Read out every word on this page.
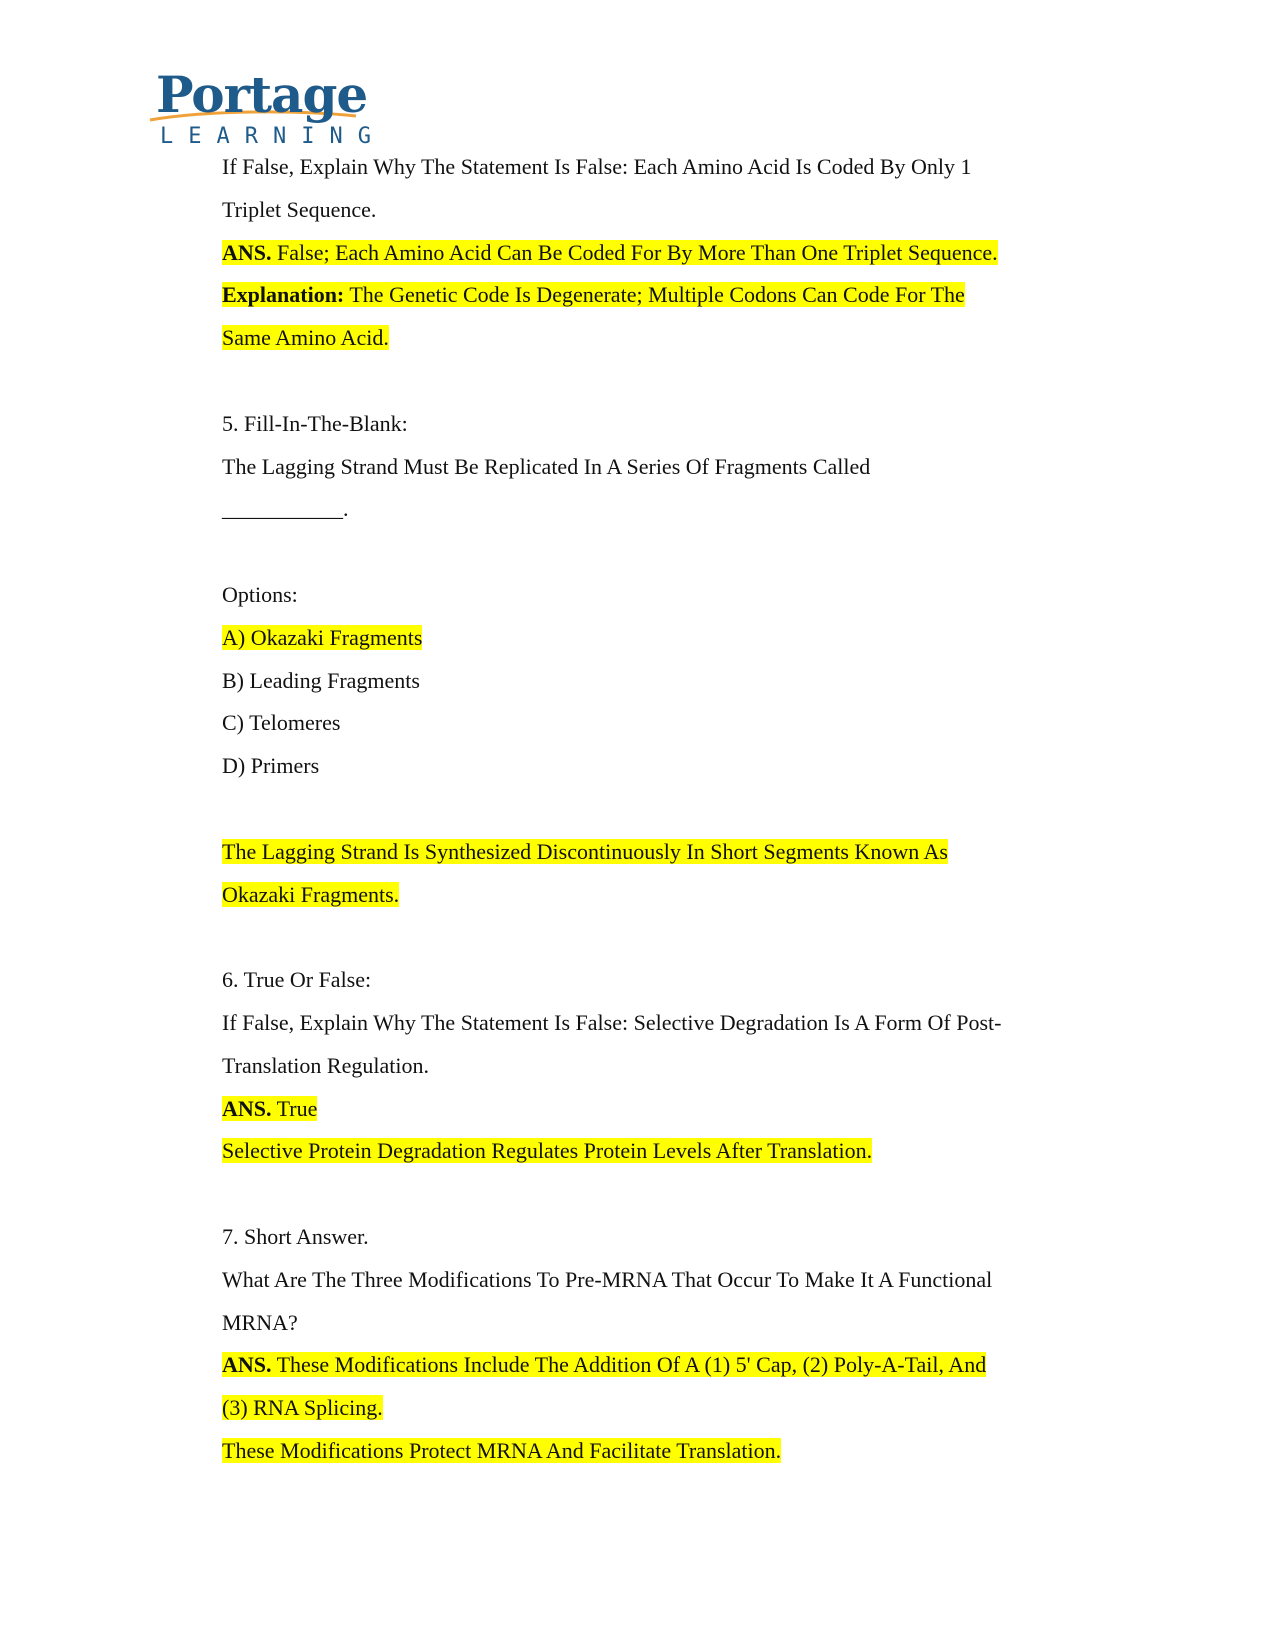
Portage
LEARNING
If False, Explain Why The Statement Is False: Each Amino Acid Is Coded By Only 1
Triplet Sequence.
ANS. False; Each Amino Acid Can Be Coded For By More Than One Triplet Sequence.
Explanation: The Genetic Code Is Degenerate; Multiple Codons Can Code For The
Same Amino Acid.
5. Fill-In-The-Blank:
The Lagging Strand Must Be Replicated In A Series Of Fragments Called
___________.
Options:
A) Okazaki Fragments
B) Leading Fragments
C) Telomeres
D) Primers
The Lagging Strand Is Synthesized Discontinuously In Short Segments Known As
Okazaki Fragments.
6. True Or False:
If False, Explain Why The Statement Is False: Selective Degradation Is A Form Of Post-
Translation Regulation.
ANS. True
Selective Protein Degradation Regulates Protein Levels After Translation.
7. Short Answer.
What Are The Three Modifications To Pre-MRNA That Occur To Make It A Functional
MRNA?
ANS. These Modifications Include The Addition Of A (1) 5' Cap, (2) Poly-A-Tail, And
(3) RNA Splicing.
These Modifications Protect MRNA And Facilitate Translation.
